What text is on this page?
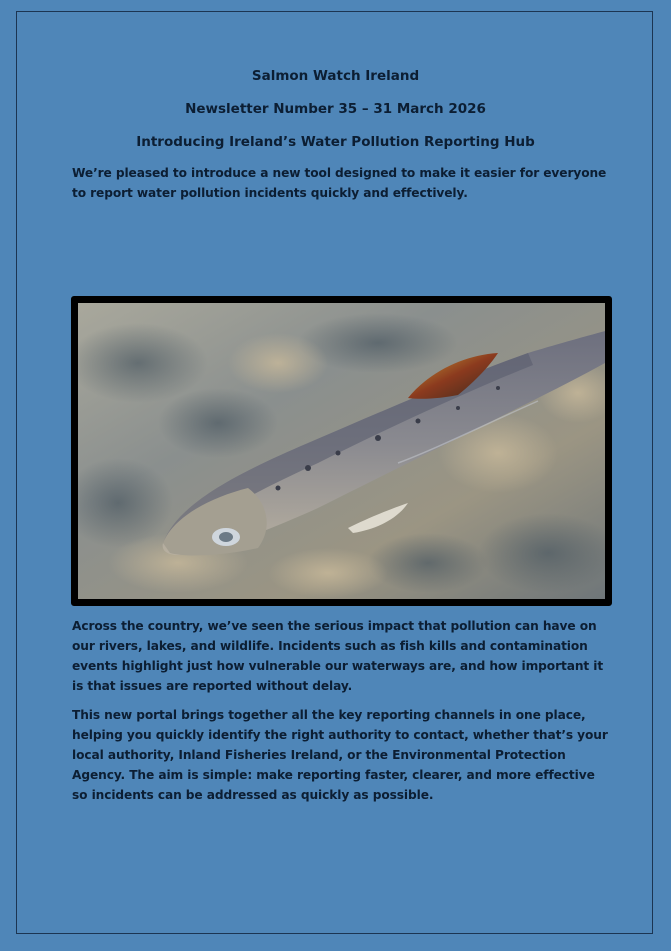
Salmon Watch Ireland
Newsletter Number 35 – 31 March 2026
Introducing Ireland’s Water Pollution Reporting Hub

We’re pleased to introduce a new tool designed to make it easier for everyone to report water pollution incidents quickly and effectively.

Across the country, we’ve seen the serious impact that pollution can have on our rivers, lakes, and wildlife. Incidents such as fish kills and contamination events highlight just how vulnerable our waterways are, and how important it is that issues are reported without delay.

This new portal brings together all the key reporting channels in one place, helping you quickly identify the right authority to contact, whether that’s your local authority, Inland Fisheries Ireland, or the Environmental Protection Agency. The aim is simple: make reporting faster, clearer, and more effective so incidents can be addressed as quickly as possible.
